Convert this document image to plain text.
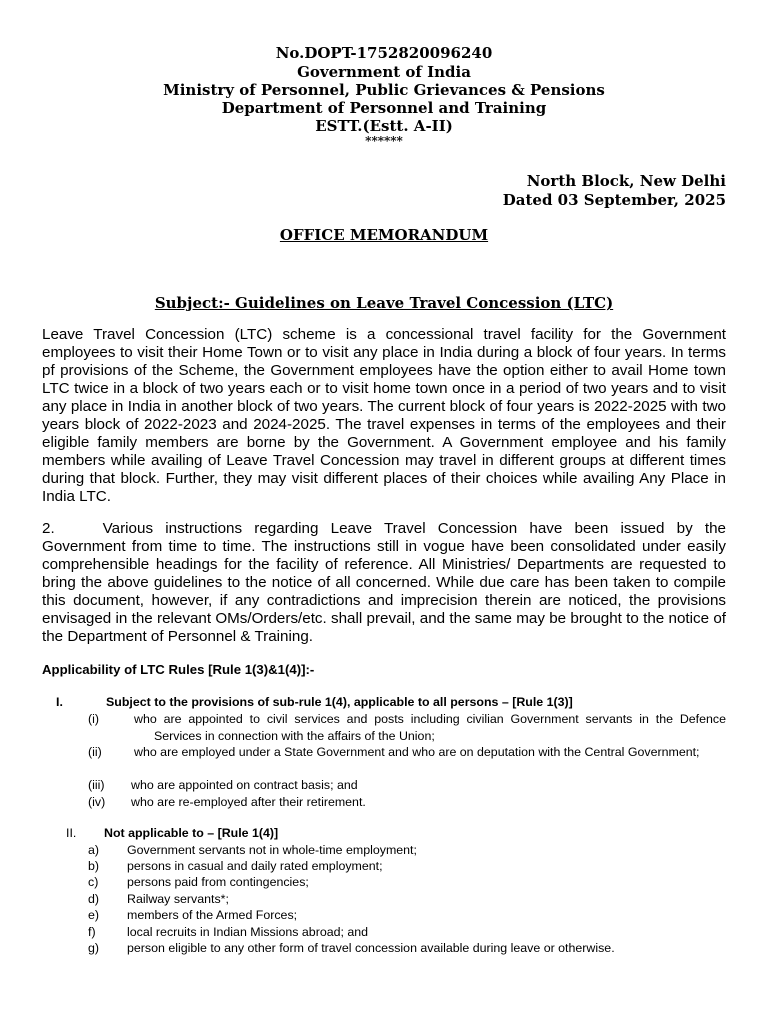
No.DOPT-1752820096240
Government of India
Ministry of Personnel, Public Grievances & Pensions
Department of Personnel and Training
ESTT.(Estt. A-II)
******
North Block, New Delhi
Dated 03 September, 2025
OFFICE MEMORANDUM
Subject:- Guidelines on Leave Travel Concession (LTC)
Leave Travel Concession (LTC) scheme is a concessional travel facility for the Government employees to visit their Home Town or to visit any place in India during a block of four years. In terms pf provisions of the Scheme, the Government employees have the option either to avail Home town LTC twice in a block of two years each or to visit home town once in a period of two years and to visit any place in India in another block of two years. The current block of four years is 2022-2025 with two years block of 2022-2023 and 2024-2025. The travel expenses in terms of the employees and their eligible family members are borne by the Government. A Government employee and his family members while availing of Leave Travel Concession may travel in different groups at different times during that block. Further, they may visit different places of their choices while availing Any Place in India LTC.
2.	Various instructions regarding Leave Travel Concession have been issued by the Government from time to time. The instructions still in vogue have been consolidated under easily comprehensible headings for the facility of reference. All Ministries/ Departments are requested to bring the above guidelines to the notice of all concerned. While due care has been taken to compile this document, however, if any contradictions and imprecision therein are noticed, the provisions envisaged in the relevant OMs/Orders/etc. shall prevail, and the same may be brought to the notice of the Department of Personnel & Training.
Applicability of LTC Rules [Rule 1(3)&1(4)]:-
I.	Subject to the provisions of sub-rule 1(4), applicable to all persons – [Rule 1(3)]
(i)	who are appointed to civil services and posts including civilian Government servants in the Defence Services in connection with the affairs of the Union;
(ii)	who are employed under a State Government and who are on deputation with the Central Government;
(iii) who are appointed on contract basis; and
(iv) who are re-employed after their retirement.
II. Not applicable to – [Rule 1(4)]
a) Government servants not in whole-time employment;
b) persons in casual and daily rated employment;
c) persons paid from contingencies;
d) Railway servants*;
e) members of the Armed Forces;
f)	local recruits in Indian Missions abroad; and
g) person eligible to any other form of travel concession available during leave or otherwise.
